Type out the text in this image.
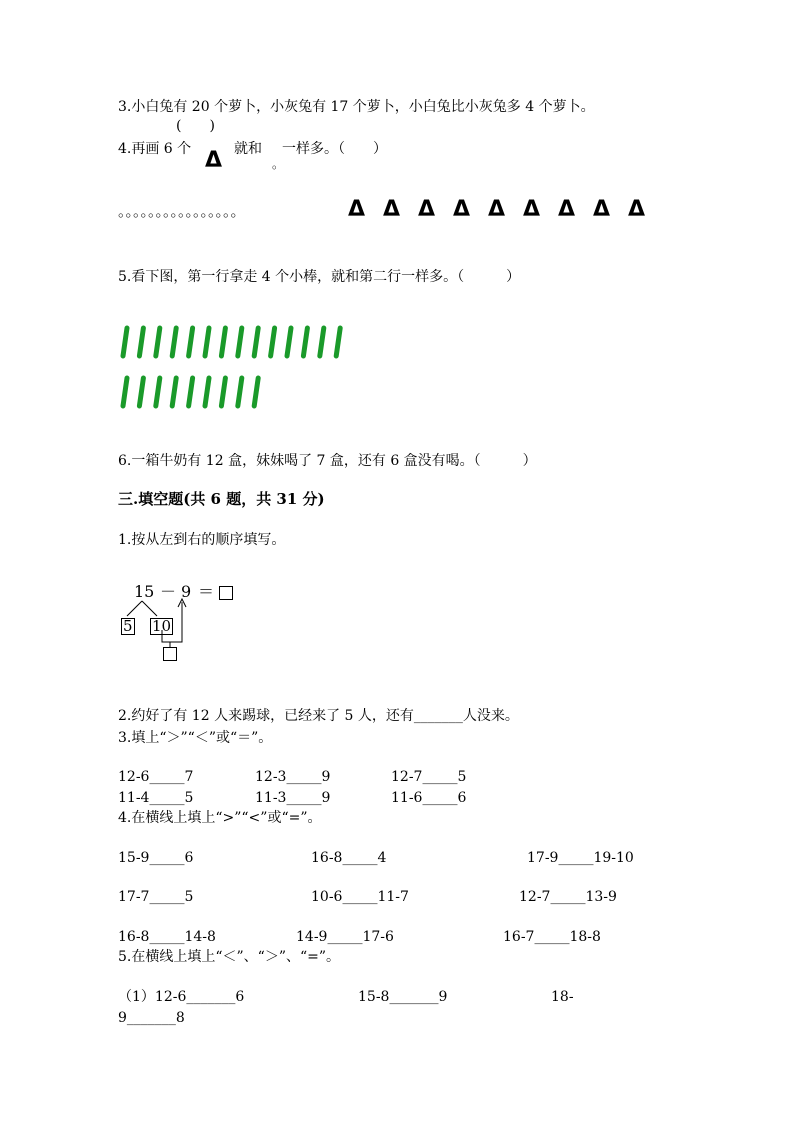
3.小白兔有 20 个萝卜，小灰兔有 17 个萝卜，小白兔比小灰兔多 4 个萝卜。
(　　)
4.再画 6 个 Δ 就和 一样多。（　　）
。
。。。。。。。。。。。。。。。。	Δ Δ Δ Δ Δ Δ Δ Δ Δ
5.看下图，第一行拿走 4 个小棒，就和第二行一样多。（　　　）
6.一箱牛奶有 12 盒，妹妹喝了 7 盒，还有 6 盒没有喝。（　　　）
三.填空题(共 6 题，共 31 分)
1.按从左到右的顺序填写。
15 － 9 ＝
5 10
2.约好了有 12 人来踢球，已经来了 5 人，还有_______人没来。
3.填上“＞”“＜”或“＝”。
12-6_____7	12-3_____9	12-7_____5
11-4_____5	11-3_____9	11-6_____6
4.在横线上填上“>”“<”或“=”。
15-9_____6	16-8_____4	17-9_____19-10
17-7_____5	10-6_____11-7	12-7_____13-9
16-8_____14-8	14-9_____17-6	16-7_____18-8
5.在横线上填上“＜”、“＞”、“=”。
（1）12-6_______6	15-8_______9	18-
9_______8
